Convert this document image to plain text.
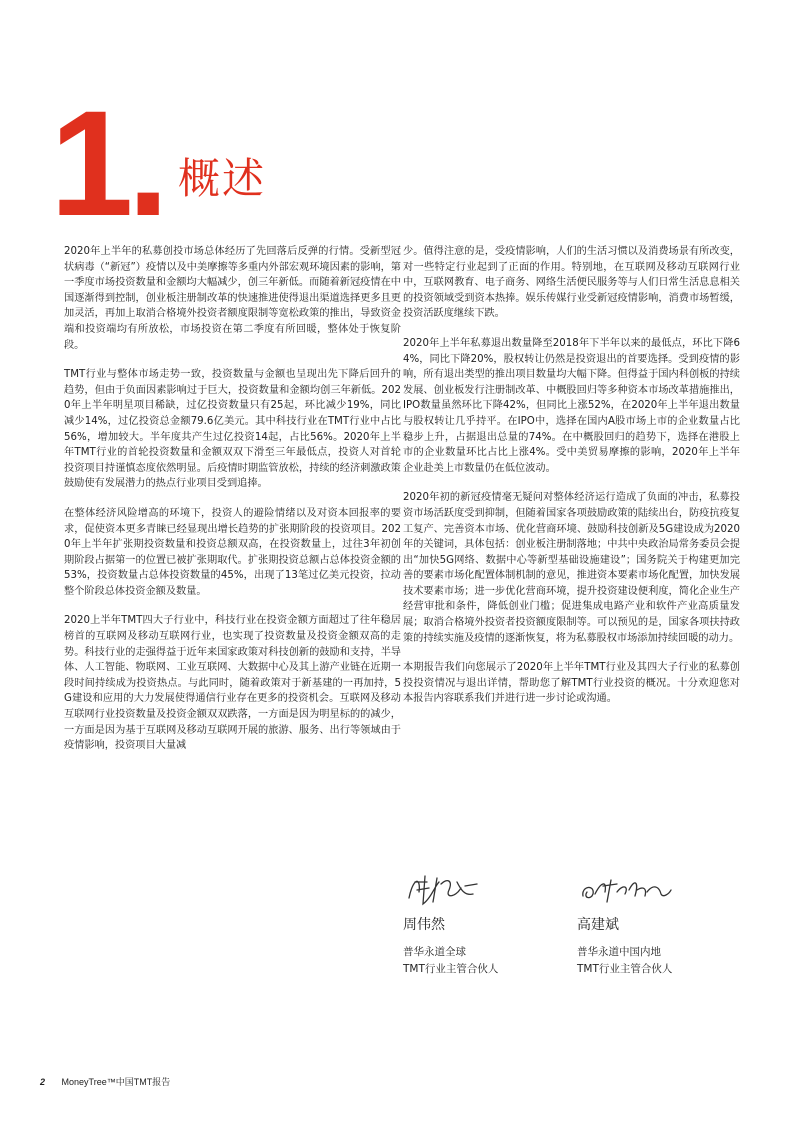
1. 概述

2020年上半年的私募创投市场总体经历了先回落后反弹的行情。受新型冠状病毒（“新冠”）疫情以及中美摩擦等多重内外部宏观环境因素的影响，第一季度市场投资数量和金额均大幅减少，创三年新低。而随着新冠疫情在中国逐渐得到控制，创业板注册制改革的快速推进使得退出渠道选择更多且更加灵活，再加上取消合格境外投资者额度限制等宽松政策的推出，导致资金端和投资端均有所放松，市场投资在第二季度有所回暖，整体处于恢复阶段。

TMT行业与整体市场走势一致，投资数量与金额也呈现出先下降后回升的趋势，但由于负面因素影响过于巨大，投资数量和金额均创三年新低。2020年上半年明星项目稀缺，过亿投资数量只有25起，环比减少19%，同比减少14%，过亿投资总金额79.6亿美元。其中科技行业在TMT行业中占比56%，增加较大。半年度共产生过亿投资14起，占比56%。2020年上半年TMT行业的首轮投资数量和金额双双下滑至三年最低点，投资人对首轮投资项目持谨慎态度依然明显。后疫情时期监管放松，持续的经济刺激政策鼓励使有发展潜力的热点行业项目受到追捧。

在整体经济风险增高的环境下，投资人的避险情绪以及对资本回报率的要求，促使资本更多青睐已经显现出增长趋势的扩张期阶段的投资项目。2020年上半年扩张期投资数量和投资总额双高，在投资数量上，过往3年初创期阶段占据第一的位置已被扩张期取代。扩张期投资总额占总体投资金额的53%，投资数量占总体投资数量的45%，出现了13笔过亿美元投资，拉动整个阶段总体投资金额及数量。

2020上半年TMT四大子行业中，科技行业在投资金额方面超过了往年稳居榜首的互联网及移动互联网行业，也实现了投资数量及投资金额双高的走势。科技行业的走强得益于近年来国家政策对科技创新的鼓励和支持，半导体、人工智能、物联网、工业互联网、大数据中心及其上游产业链在近期一段时间持续成为投资热点。与此同时，随着政策对于新基建的一再加持，5G建设和应用的大力发展使得通信行业存在更多的投资机会。互联网及移动互联网行业投资数量及投资金额双双跌落，一方面是因为明星标的的减少，一方面是因为基于互联网及移动互联网开展的旅游、服务、出行等领域由于疫情影响，投资项目大量减

少。值得注意的是，受疫情影响，人们的生活习惯以及消费场景有所改变，对一些特定行业起到了正面的作用。特别地，在互联网及移动互联网行业中，互联网教育、电子商务、网络生活便民服务等与人们日常生活息息相关的投资领域受到资本热捧。娱乐传媒行业受新冠疫情影响，消费市场暂缓，投资活跃度继续下跌。

2020年上半年私募退出数量降至2018年下半年以来的最低点，环比下降64%，同比下降20%，股权转让仍然是投资退出的首要选择。受到疫情的影响，所有退出类型的推出项目数量均大幅下降。但得益于国内科创板的持续发展、创业板发行注册制改革、中概股回归等多种资本市场改革措施推出，IPO数量虽然环比下降42%，但同比上涨52%，在2020年上半年退出数量与股权转让几乎持平。在IPO中，选择在国内A股市场上市的企业数量占比稳步上升，占据退出总量的74%。在中概股回归的趋势下，选择在港股上市的企业数量环比占比上涨4%。受中美贸易摩擦的影响，2020年上半年企业赴美上市数量仍在低位波动。

2020年初的新冠疫情毫无疑问对整体经济运行造成了负面的冲击，私募投资市场活跃度受到抑制，但随着国家各项鼓励政策的陆续出台，防疫抗疫复工复产、完善资本市场、优化营商环境、鼓励科技创新及5G建设成为2020年的关键词，具体包括：创业板注册制落地；中共中央政治局常务委员会提出“加快5G网络、数据中心等新型基础设施建设”；国务院关于构建更加完善的要素市场化配置体制机制的意见，推进资本要素市场化配置，加快发展技术要素市场；进一步优化营商环境，提升投资建设便利度，简化企业生产经营审批和条件，降低创业门槛；促进集成电路产业和软件产业高质量发展；取消合格境外投资者投资额度限制等。可以预见的是，国家各项扶持政策的持续实施及疫情的逐渐恢复，将为私募股权市场添加持续回暖的动力。

本期报告我们向您展示了2020年上半年TMT行业及其四大子行业的私募创投投资情况与退出详情，帮助您了解TMT行业投资的概况。十分欢迎您对本报告内容联系我们并进行进一步讨论或沟通。

周伟然
普华永道全球
TMT行业主管合伙人
高建斌
普华永道中国内地
TMT行业主管合伙人
2 MoneyTree™中国TMT报告
